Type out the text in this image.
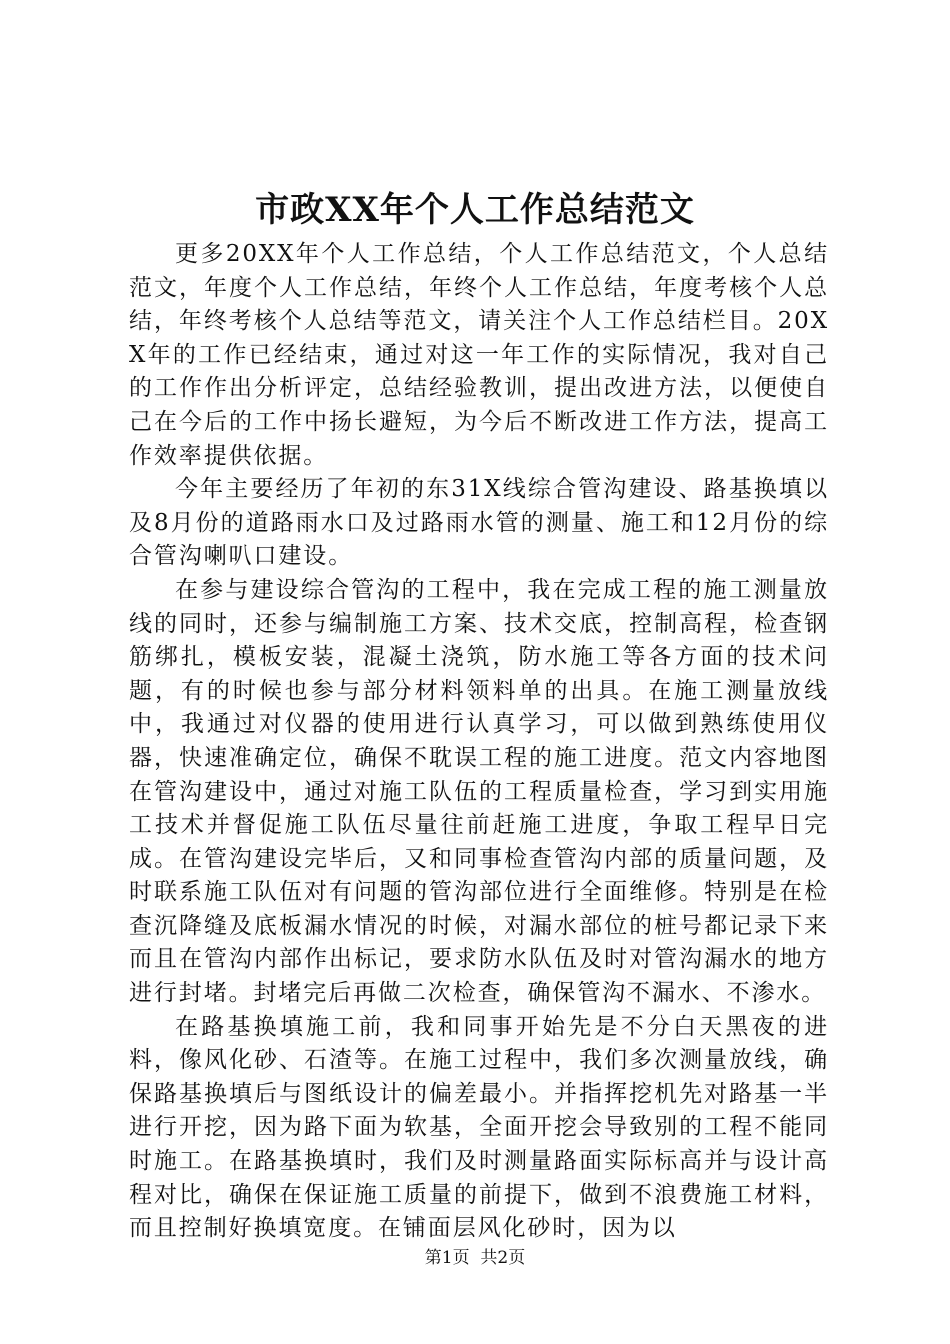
市政XX年个人工作总结范文

更多20XX年个人工作总结，个人工作总结范文，个人总结范文，年度个人工作总结，年终个人工作总结，年度考核个人总结，年终考核个人总结等范文，请关注个人工作总结栏目。20XX年的工作已经结束，通过对这一年工作的实际情况，我对自己的工作作出分析评定，总结经验教训，提出改进方法，以便使自己在今后的工作中扬长避短，为今后不断改进工作方法，提高工作效率提供依据。

今年主要经历了年初的东31X线综合管沟建设、路基换填以及8月份的道路雨水口及过路雨水管的测量、施工和12月份的综合管沟喇叭口建设。

在参与建设综合管沟的工程中，我在完成工程的施工测量放线的同时，还参与编制施工方案、技术交底，控制高程，检查钢筋绑扎，模板安装，混凝土浇筑，防水施工等各方面的技术问题，有的时候也参与部分材料领料单的出具。在施工测量放线中，我通过对仪器的使用进行认真学习，可以做到熟练使用仪器，快速准确定位，确保不耽误工程的施工进度。范文内容地图在管沟建设中，通过对施工队伍的工程质量检查，学习到实用施工技术并督促施工队伍尽量往前赶施工进度，争取工程早日完成。在管沟建设完毕后，又和同事检查管沟内部的质量问题，及时联系施工队伍对有问题的管沟部位进行全面维修。特别是在检查沉降缝及底板漏水情况的时候，对漏水部位的桩号都记录下来而且在管沟内部作出标记，要求防水队伍及时对管沟漏水的地方进行封堵。封堵完后再做二次检查，确保管沟不漏水、不渗水。

在路基换填施工前，我和同事开始先是不分白天黑夜的进料，像风化砂、石渣等。在施工过程中，我们多次测量放线，确保路基换填后与图纸设计的偏差最小。并指挥挖机先对路基一半进行开挖，因为路下面为软基，全面开挖会导致别的工程不能同时施工。在路基换填时，我们及时测量路面实际标高并与设计高程对比，确保在保证施工质量的前提下，做到不浪费施工材料，而且控制好换填宽度。在铺面层风化砂时，因为以

第1页  共2页
